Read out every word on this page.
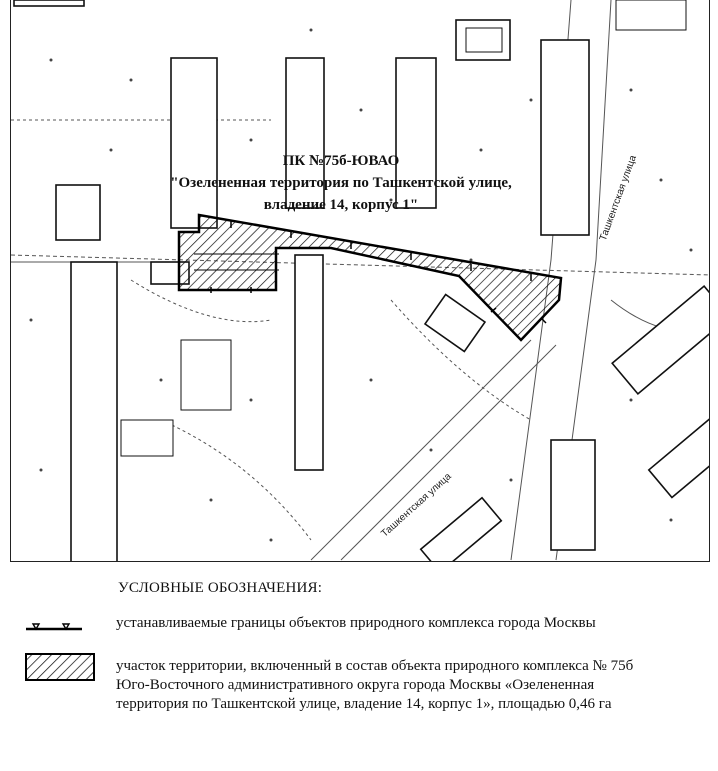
ПК №75б-ЮВАО
"Озелененная территория по Ташкентской улице,
владение 14, корпус 1"
Ташкентская улица
Ташкентская улица
УСЛОВНЫЕ ОБОЗНАЧЕНИЯ:
устанавливаемые границы объектов природного комплекса города Москвы
участок территории, включенный в состав объекта природного комплекса № 75б
Юго-Восточного административного округа города Москвы «Озелененная
территория по Ташкентской улице, владение 14, корпус 1», площадью 0,46 га
